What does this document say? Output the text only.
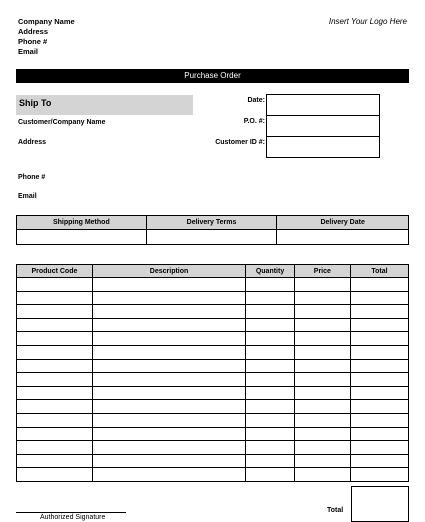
Company Name
Address
Phone #
Email
Insert Your Logo Here
Purchase Order
Ship To
Customer/Company Name
Address
Phone #
Email
Date:
P.O. #:
Customer ID #:
Shipping Method	Delivery Terms	Delivery Date

Product Code	Description	Quantity	Price	Total

Total
Authorized Signature
